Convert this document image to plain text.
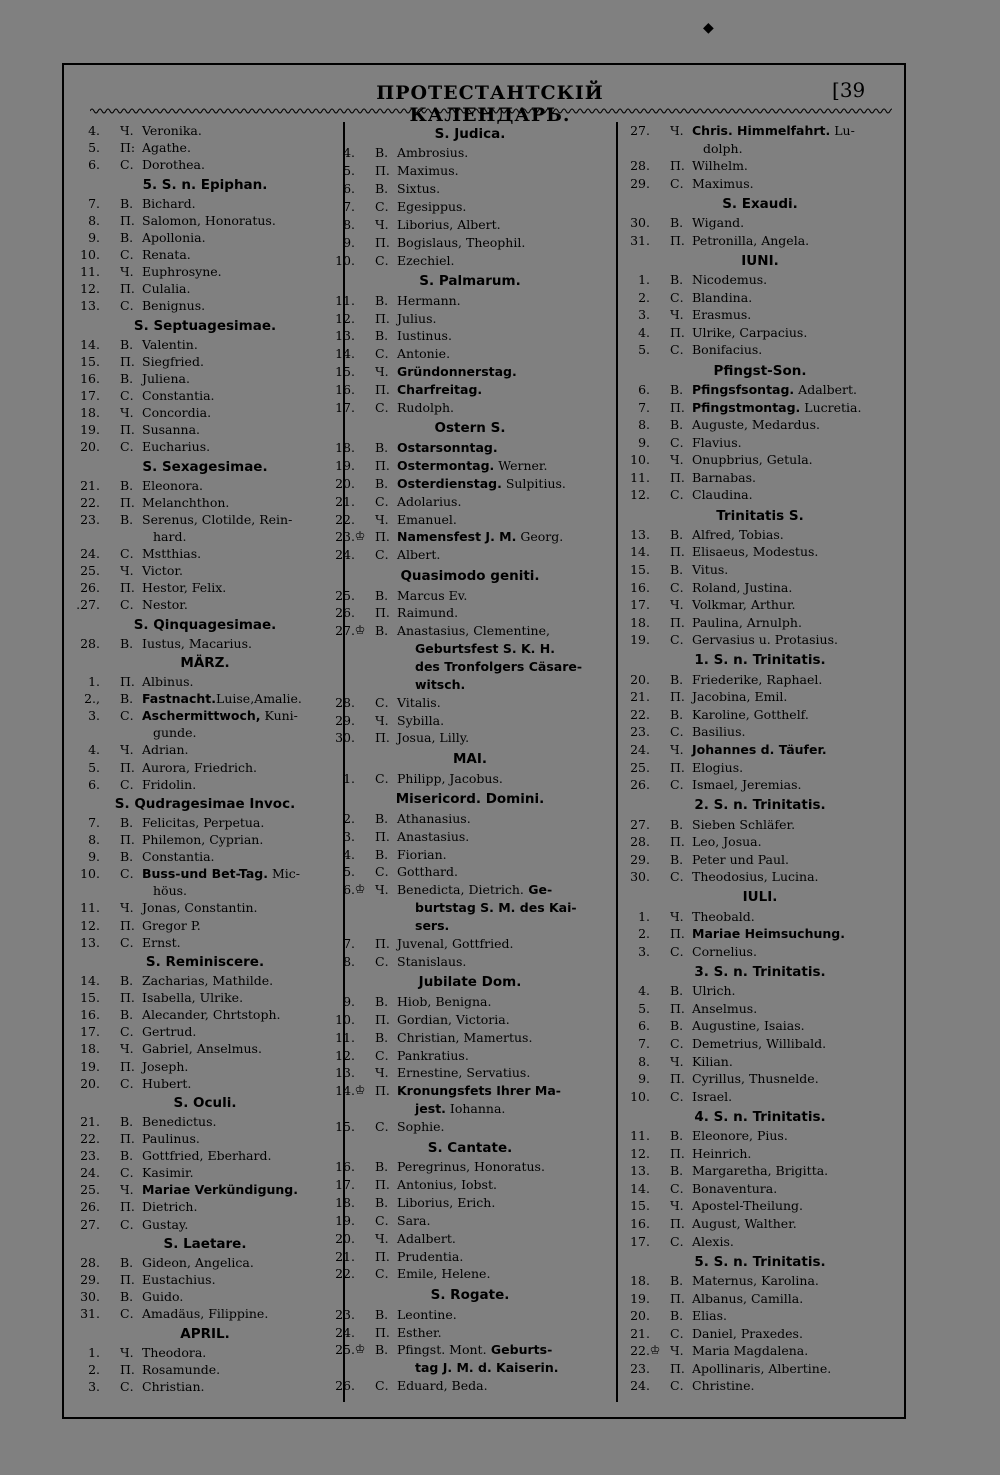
◆
ПРОТЕСТАНТСКІЙ КАЛЕНДАРЬ.
[39
4. Ч. Veronika.
5. П: Agathe.
6. С. Dorothea.
5. S. n. Epiphan.
7. В. Bichard.
8. П. Salomon, Honoratus.
9. В. Apollonia.
10. С. Renata.
11. Ч. Euphrosyne.
12. П. Culalia.
13. С. Benignus.
S. Septuagesimae.
14. В. Valentin.
15. П. Siegfried.
16. В. Juliena.
17. С. Constantia.
18. Ч. Concordia.
19. П. Susanna.
20. С. Eucharius.
S. Sexagesimae.
21. В. Eleonora.
22. П. Melanchthon.
23. В. Serenus, Clotilde, Rein-
hard.
24. С. Mstthias.
25. Ч. Victor.
26. П. Hestor, Felix.
.27. С. Nestor.
S. Qinquagesimae.
28. В. Iustus, Macarius.
MÄRZ.
1. П. Albinus.
2., В. Fastnacht.Luise,Amalie.
3. С. Aschermittwoch, Kuni-
gunde.
4. Ч. Adrian.
5. П. Aurora, Friedrich.
6. С. Fridolin.
S. Qudragesimae Invoc.
7. В. Felicitas, Perpetua.
8. П. Philemon, Cyprian.
9. В. Constantia.
10. С. Buss-und Bet-Tag. Mic-
höus.
11. Ч. Jonas, Constantin.
12. П. Gregor P.
13. С. Ernst.
S. Reminiscere.
14. В. Zacharias, Mathilde.
15. П. Isabella, Ulrike.
16. В. Alecander, Chrtstoph.
17. С. Gertrud.
18. Ч. Gabriel, Anselmus.
19. П. Joseph.
20. С. Hubert.
S. Oculi.
21. В. Benedictus.
22. П. Paulinus.
23. В. Gottfried, Eberhard.
24. С. Kasimir.
25. Ч. Mariae Verkündigung.
26. П. Dietrich.
27. С. Gustay.
S. Laetare.
28. В. Gideon, Angelica.
29. П. Eustachius.
30. В. Guido.
31. С. Amadäus, Filippine.
APRIL.
1. Ч. Theodora.
2. П. Rosamunde.
3. С. Christian.
S. Judica.
4. В. Ambrosius.
5. П. Maximus.
6. В. Sixtus.
7. С. Egesippus.
8. Ч. Liborius, Albert.
9. П. Bogislaus, Theophil.
10. С. Ezechiel.
S. Palmarum.
11. В. Hermann.
12. П. Julius.
13. В. Iustinus.
14. С. Antonie.
15. Ч. Gründonnerstag.
16. П. Charfreitag.
17. С. Rudolph.
Ostern S.
18. В. Ostarsonntag.
19. П. Ostermontag. Werner.
20. В. Osterdienstag. Sulpitius.
21. С. Adolarius.
22. Ч. Emanuel.
23. ♔ П. Namensfest J. M. Georg.
24. С. Albert.
Quasimodo geniti.
25. В. Marcus Ev.
26. П. Raimund.
27. ♔ В. Anastasius, Clementine,
Geburtsfest S. K. H.
des Tronfolgers Cäsare-
witsch.
28. С. Vitalis.
29. Ч. Sybilla.
30. П. Josua, Lilly.
MAI.
1. С. Philipp, Jacobus.
Misericord. Domini.
2. В. Athanasius.
3. П. Anastasius.
4. В. Fiorian.
5. С. Gotthard.
6. ♔ Ч. Benedicta, Dietrich. Ge-
burtstag S. M. des Kai-
sers.
7. П. Juvenal, Gottfried.
8. С. Stanislaus.
Jubilate Dom.
9. В. Hiob, Benigna.
10. П. Gordian, Victoria.
11. В. Christian, Mamertus.
12. С. Pankratius.
13. Ч. Ernestine, Servatius.
14. ♔ П. Kronungsfets Ihrer Ma-
jest. Iohanna.
15. С. Sophie.
S. Cantate.
16. В. Peregrinus, Honoratus.
17. П. Antonius, Iobst.
18. В. Liborius, Erich.
19. С. Sara.
20. Ч. Adalbert.
21. П. Prudentia.
22. С. Emile, Helene.
S. Rogate.
23. В. Leontine.
24. П. Esther.
25. ♔ В. Pfingst. Mont. Geburts-
tag J. M. d. Kaiserin.
26. С. Eduard, Beda.
27. Ч. Chris. Himmelfahrt. Lu-
dolph.
28. П. Wilhelm.
29. С. Maximus.
S. Exaudi.
30. В. Wigand.
31. П. Petronilla, Angela.
IUNI.
1. В. Nicodemus.
2. С. Blandina.
3. Ч. Erasmus.
4. П. Ulrike, Carpacius.
5. С. Bonifacius.
Pfingst-Son.
6. В. Pfingsfsontag. Adalbert.
7. П. Pfingstmontag. Lucretia.
8. В. Auguste, Medardus.
9. С. Flavius.
10. Ч. Onupbrius, Getula.
11. П. Barnabas.
12. С. Claudina.
Trinitatis S.
13. В. Alfred, Tobias.
14. П. Elisaeus, Modestus.
15. В. Vitus.
16. С. Roland, Justina.
17. Ч. Volkmar, Arthur.
18. П. Paulina, Arnulph.
19. С. Gervasius u. Protasius.
1. S. n. Trinitatis.
20. В. Friederike, Raphael.
21. П. Jacobina, Emil.
22. В. Karoline, Gotthelf.
23. С. Basilius.
24. Ч. Johannes d. Täufer.
25. П. Elogius.
26. С. Ismael, Jeremias.
2. S. n. Trinitatis.
27. В. Sieben Schläfer.
28. П. Leo, Josua.
29. В. Peter und Paul.
30. С. Theodosius, Lucina.
IULI.
1. Ч. Theobald.
2. П. Mariae Heimsuchung.
3. С. Cornelius.
3. S. n. Trinitatis.
4. В. Ulrich.
5. П. Anselmus.
6. В. Augustine, Isaias.
7. С. Demetrius, Willibald.
8. Ч. Kilian.
9. П. Cyrillus, Thusnelde.
10. С. Israel.
4. S. n. Trinitatis.
11. В. Eleonore, Pius.
12. П. Heinrich.
13. В. Margaretha, Brigitta.
14. С. Bonaventura.
15. Ч. Apostel-Theilung.
16. П. August, Walther.
17. С. Alexis.
5. S. n. Trinitatis.
18. В. Maternus, Karolina.
19. П. Albanus, Camilla.
20. В. Elias.
21. С. Daniel, Praxedes.
22. ♔ Ч. Maria Magdalena.
23. П. Apollinaris, Albertine.
24. С. Christine.
